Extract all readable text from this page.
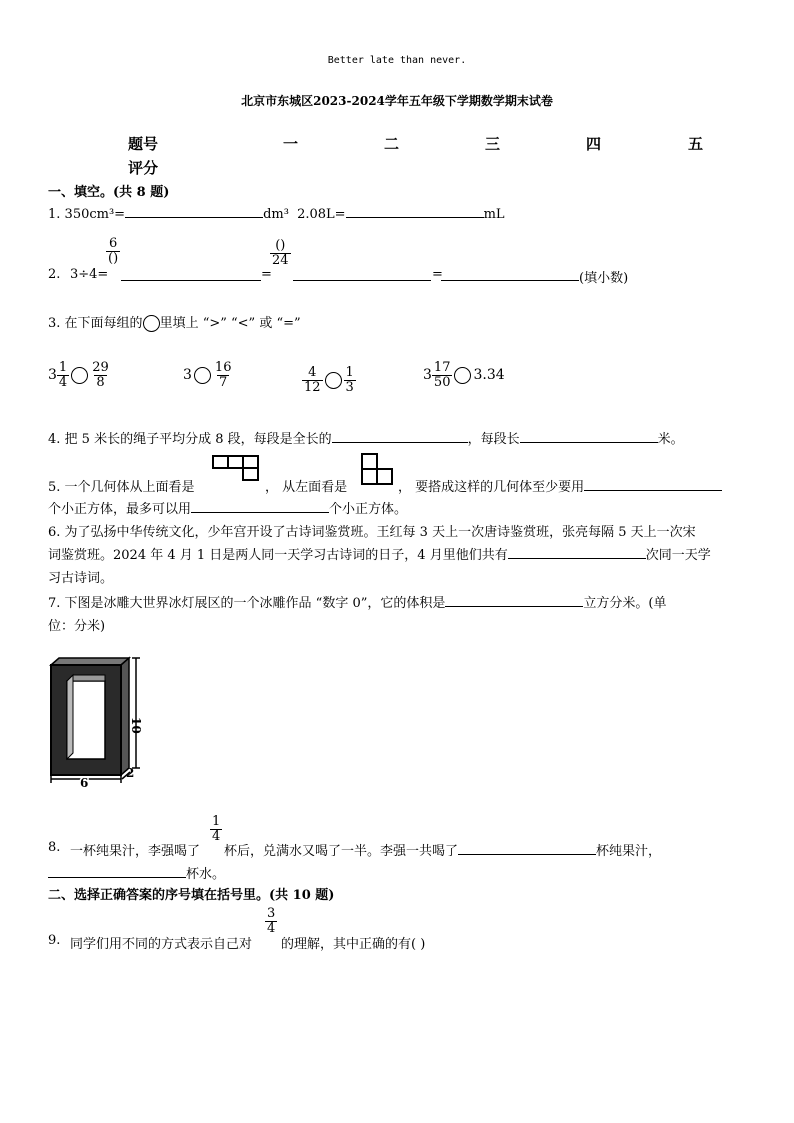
Better late than never.
北京市东城区2023-2024学年五年级下学期数学期末试卷
题号	一	二	三	四	五
评分
一、填空。(共 8 题)
1. 350cm³=	dm³ 2.08L=	mL
2. 3÷4=
6
()
=
()
24
=	(填小数)
3. 在下面每组的 里填上 “>” “<” 或 “=”
$3 \frac{1}{4} \frac{29}{8}$	$3 \frac{16}{7}$	$\frac{4}{12} \frac{1}{3}$	$3 \frac{17}{50} 3.34$
4. 把 5 米长的绳子平均分成 8 段，每段是全长的	，每段长	米。
5. 一个几何体从上面看是	， 从左面看是	， 要搭成这样的几何体至少要用
个小正方体，最多可以用	个小正方体。
6. 为了弘扬中华传统文化，少年宫开设了古诗词鉴赏班。王红每 3 天上一次唐诗鉴赏班，张亮每隔 5 天上一次宋
词鉴赏班。2024 年 4 月 1 日是两人同一天学习古诗词的日子，4 月里他们共有	次同一天学
习古诗词。
7. 下图是冰雕大世界冰灯展区的一个冰雕作品 “数字 0”，它的体积是	立方分米。(单
位：分米)
10
6
2
8. 一杯纯果汁，李强喝了
$\frac{1}{4}$
杯后，兑满水又喝了一半。李强一共喝了	杯纯果汁，
杯水。
二、选择正确答案的序号填在括号里。(共 10 题)
9. 同学们用不同的方式表示自己对
$\frac{3}{4}$
的理解，其中正确的有( )
